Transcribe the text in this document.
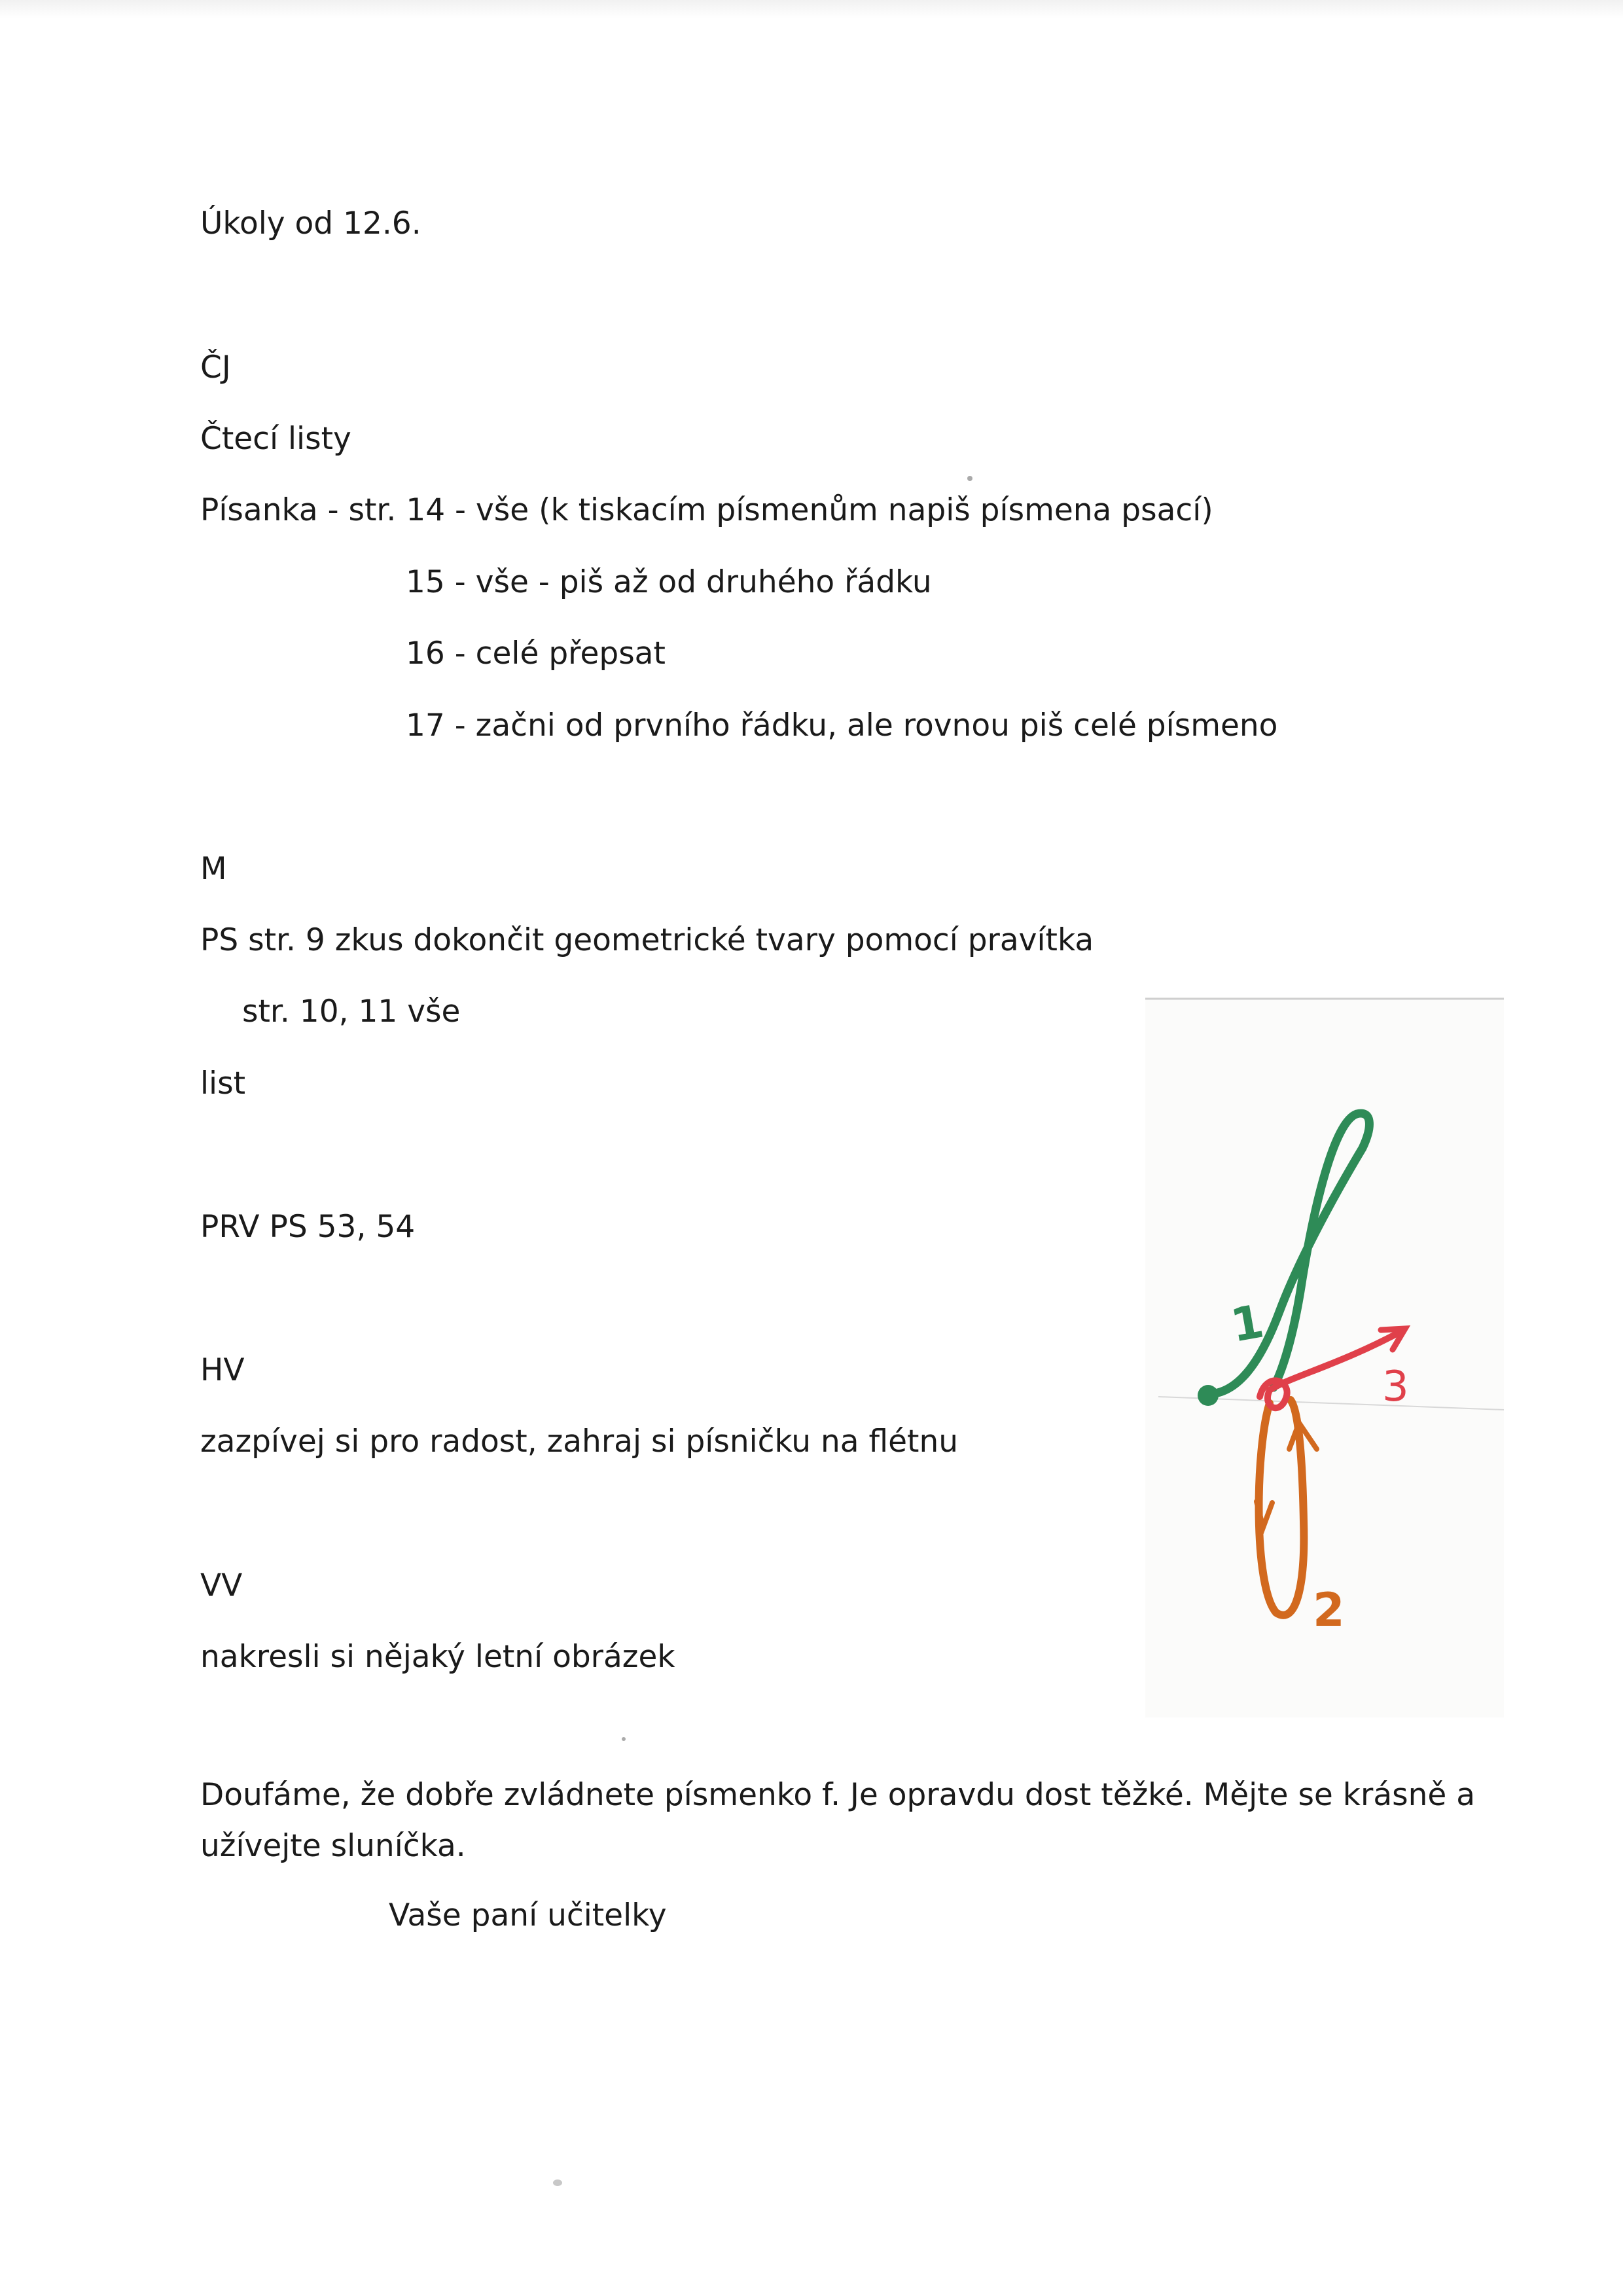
Úkoly od 12.6.
ČJ
Čtecí listy
Písanka - str. 14 - vše (k tiskacím písmenům napiš písmena psací)
15 - vše - piš až od druhého řádku
16 - celé přepsat
17 - začni od prvního řádku, ale rovnou piš celé písmeno
M
PS str. 9 zkus dokončit geometrické tvary pomocí pravítka
str. 10, 11 vše
list
PRV PS 53, 54
HV
zazpívej si pro radost, zahraj si písničku na flétnu
VV
nakresli si nějaký letní obrázek
Doufáme, že dobře zvládnete písmenko f. Je opravdu dost těžké. Mějte se krásně a užívejte sluníčka.
Vaše paní učitelky
1
2
3
